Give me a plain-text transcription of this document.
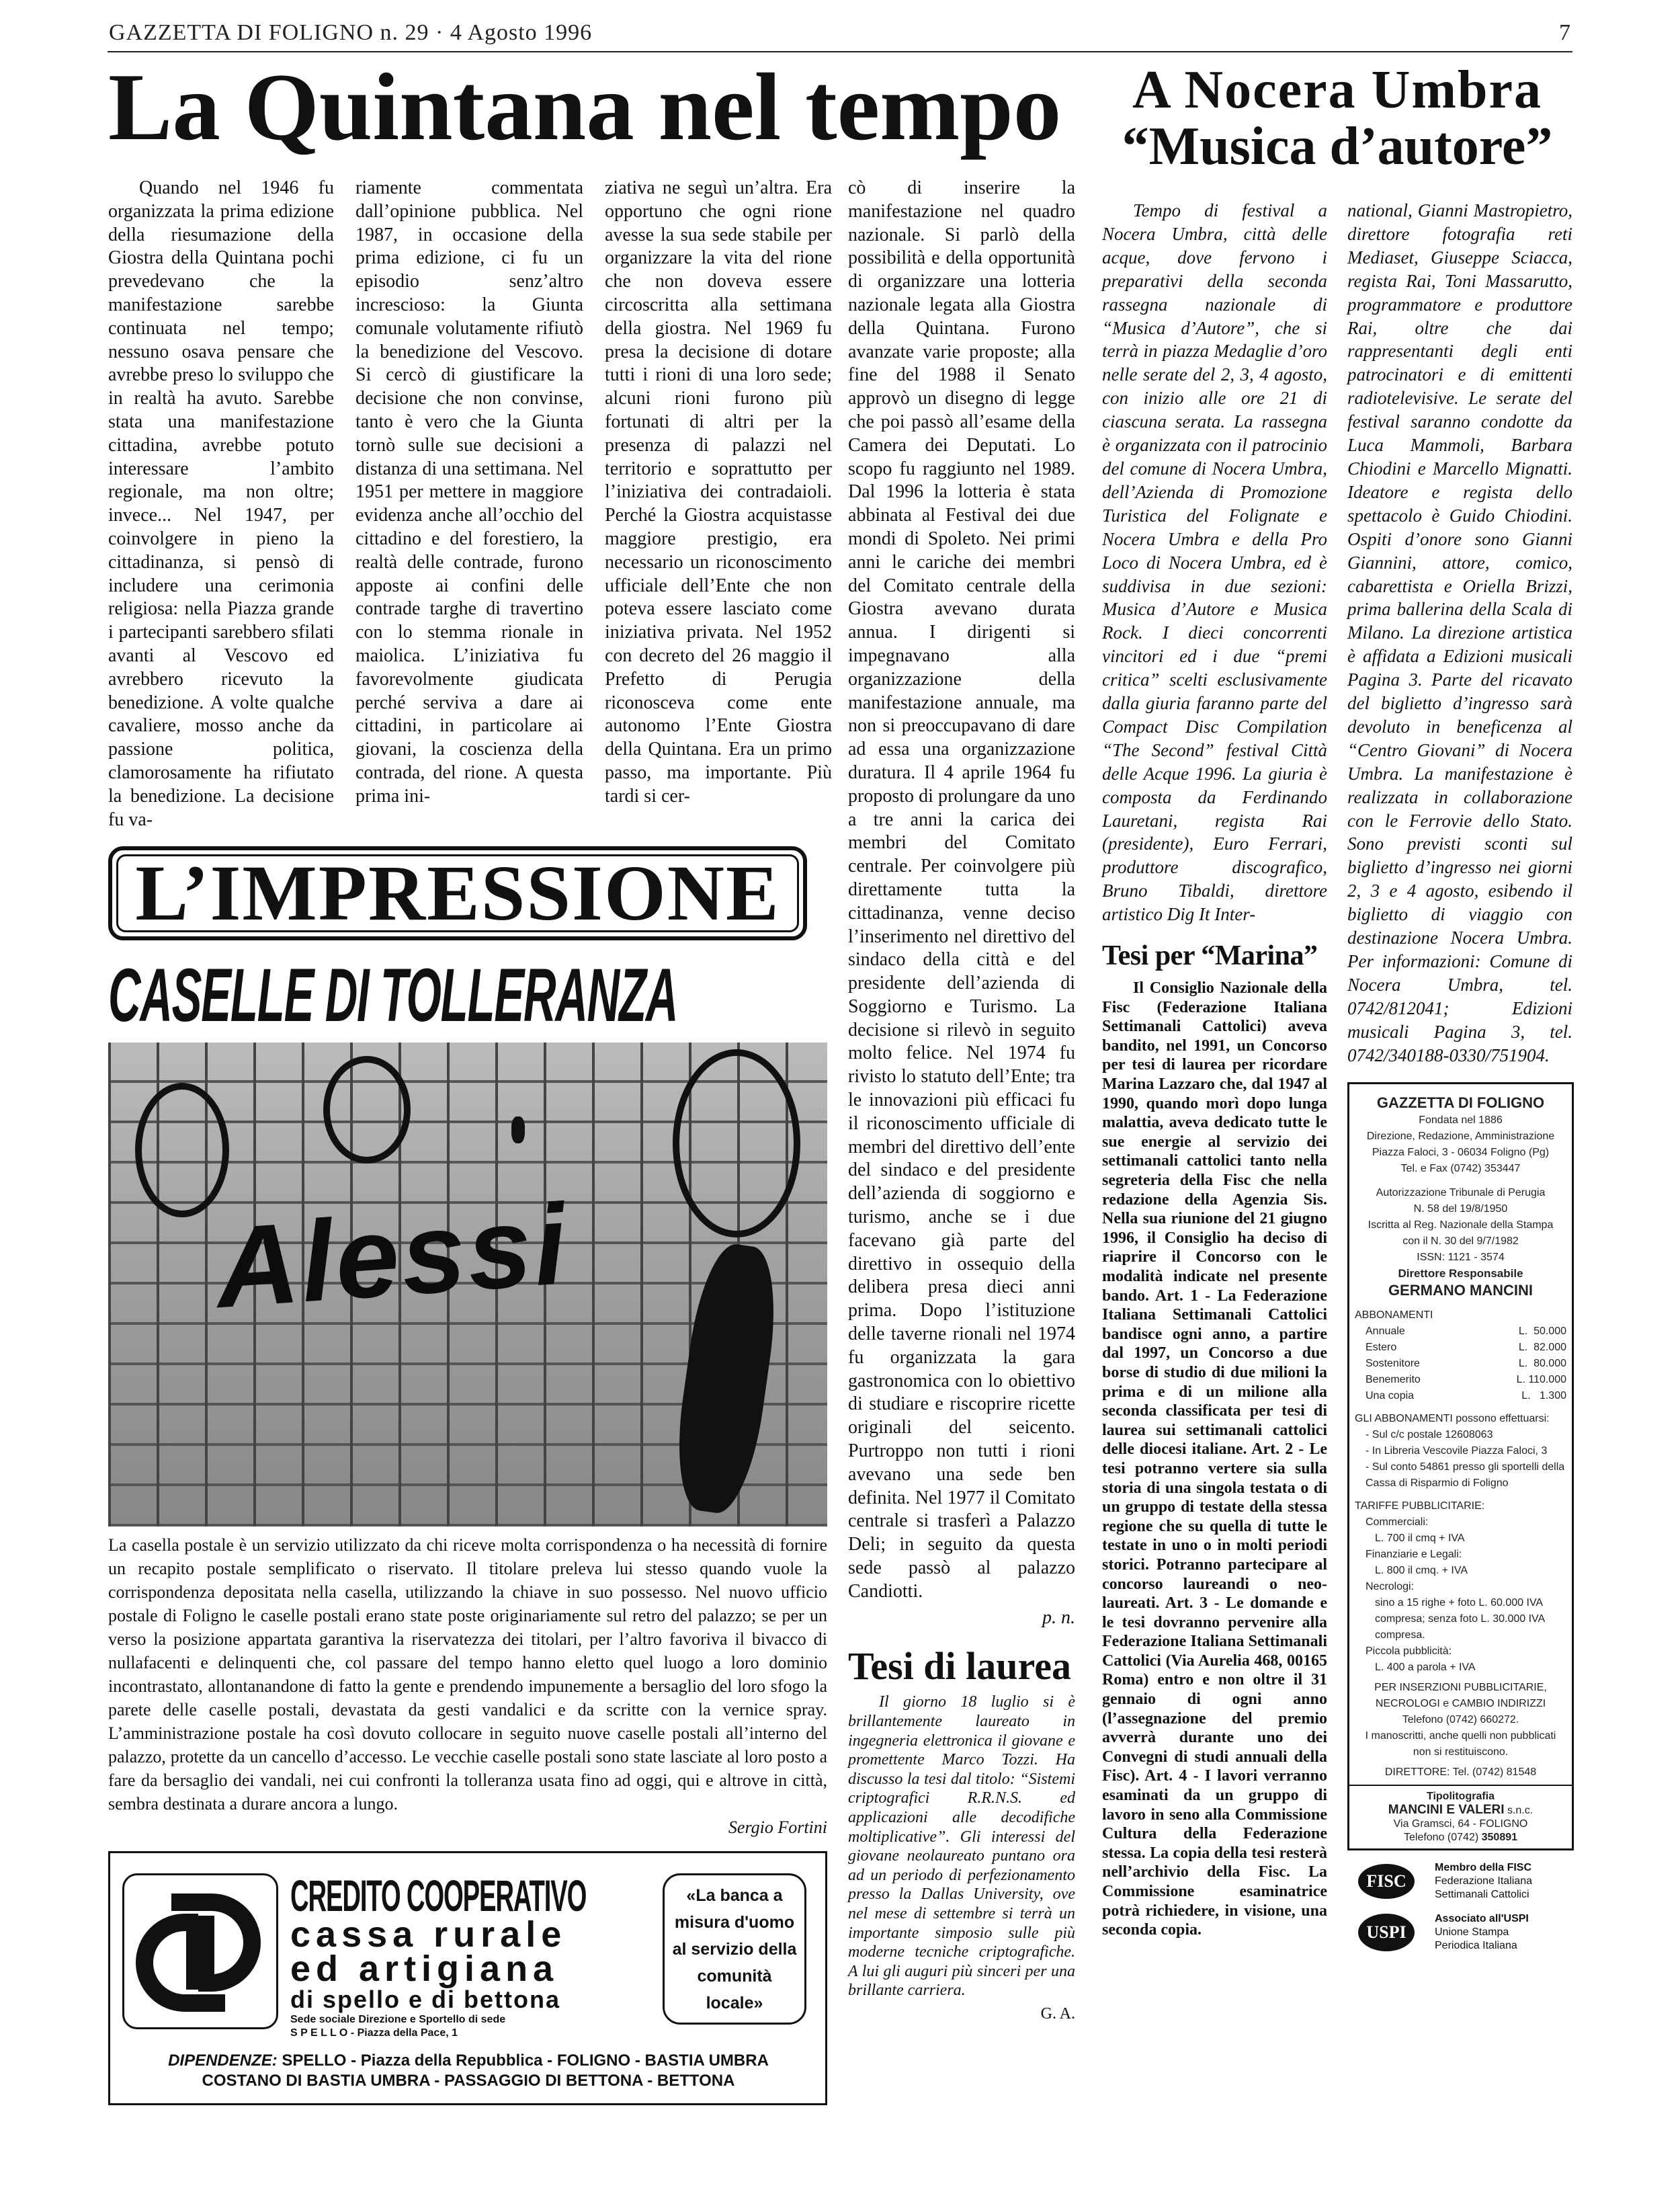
GAZZETTA DI FOLIGNO n. 29 · 4 Agosto 1996	7
La Quintana nel tempo

Quando nel 1946 fu organizzata la prima edizione della riesumazione della Giostra della Quintana pochi prevedevano che la manifestazione sarebbe continuata nel tempo; nessuno osava pensare che avrebbe preso lo sviluppo che in realtà ha avuto. Sarebbe stata una manifestazione cittadina, avrebbe potuto interessare l’ambito regionale, ma non oltre; invece... Nel 1947, per coinvolgere in pieno la cittadinanza, si pensò di includere una cerimonia religiosa: nella Piazza grande i partecipanti sarebbero sfilati avanti al Vescovo ed avrebbero ricevuto la benedizione. A volte qualche cavaliere, mosso anche da passione politica, clamorosamente ha rifiutato la benedizione. La decisione fu va-

riamente commentata dall’opinione pubblica. Nel 1987, in occasione della prima edizione, ci fu un episodio senz’altro increscioso: la Giunta comunale volutamente rifiutò la benedizione del Vescovo. Si cercò di giustificare la decisione che non convinse, tanto è vero che la Giunta tornò sulle sue decisioni a distanza di una settimana. Nel 1951 per mettere in maggiore evidenza anche all’occhio del cittadino e del forestiero, la realtà delle contrade, furono apposte ai confini delle contrade targhe di travertino con lo stemma rionale in maiolica. L’iniziativa fu favorevolmente giudicata perché serviva a dare ai cittadini, in particolare ai giovani, la coscienza della contrada, del rione. A questa prima ini-

ziativa ne seguì un’altra. Era opportuno che ogni rione avesse la sua sede stabile per organizzare la vita del rione che non doveva essere circoscritta alla settimana della giostra. Nel 1969 fu presa la decisione di dotare tutti i rioni di una loro sede; alcuni rioni furono più fortunati di altri per la presenza di palazzi nel territorio e soprattutto per l’iniziativa dei contradaioli. Perché la Giostra acquistasse maggiore prestigio, era necessario un riconoscimento ufficiale dell’Ente che non poteva essere lasciato come iniziativa privata. Nel 1952 con decreto del 26 maggio il Prefetto di Perugia riconosceva come ente autonomo l’Ente Giostra della Quintana. Era un primo passo, ma importante. Più tardi si cer-

L’IMPRESSIONE
CASELLE DI TOLLERANZA
Alessi

La casella postale è un servizio utilizzato da chi riceve molta corrispondenza o ha necessità di fornire un recapito postale semplificato o riservato. Il titolare preleva lui stesso quando vuole la corrispondenza depositata nella casella, utilizzando la chiave in suo possesso. Nel nuovo ufficio postale di Foligno le caselle postali erano state poste originariamente sul retro del palazzo; se per un verso la posizione appartata garantiva la riservatezza dei titolari, per l’altro favoriva il bivacco di nullafacenti e delinquenti che, col passare del tempo hanno eletto quel luogo a loro dominio incontrastato, allontanandone di fatto la gente e prendendo impunemente a bersaglio del loro sfogo la parete delle caselle postali, devastata da gesti vandalici e da scritte con la vernice spray. L’amministrazione postale ha così dovuto collocare in seguito nuove caselle postali all’interno del palazzo, protette da un cancello d’accesso. Le vecchie caselle postali sono state lasciate al loro posto a fare da bersaglio dei vandali, nei cui confronti la tolleranza usata fino ad oggi, qui e altrove in città, sembra destinata a durare ancora a lungo.

Sergio Fortini
CREDITO COOPERATIVO
cassa rurale
ed artigiana
di spello e di bettona
Sede sociale Direzione e Sportello di sede
S P E L L O - Piazza della Pace, 1
«La banca a misura d'uomo al servizio della comunità locale»
DIPENDENZE: SPELLO - Piazza della Repubblica - FOLIGNO - BASTIA UMBRA
COSTANO DI BASTIA UMBRA - PASSAGGIO DI BETTONA - BETTONA

cò di inserire la manifestazione nel quadro nazionale. Si parlò della possibilità e della opportunità di organizzare una lotteria nazionale legata alla Giostra della Quintana. Furono avanzate varie proposte; alla fine del 1988 il Senato approvò un disegno di legge che poi passò all’esame della Camera dei Deputati. Lo scopo fu raggiunto nel 1989. Dal 1996 la lotteria è stata abbinata al Festival dei due mondi di Spoleto. Nei primi anni le cariche dei membri del Comitato centrale della Giostra avevano durata annua. I dirigenti si impegnavano alla organizzazione della manifestazione annuale, ma non si preoccupavano di dare ad essa una organizzazione duratura. Il 4 aprile 1964 fu proposto di prolungare da uno a tre anni la carica dei membri del Comitato centrale. Per coinvolgere più direttamente tutta la cittadinanza, venne deciso l’inserimento nel direttivo del sindaco della città e del presidente dell’azienda di Soggiorno e Turismo. La decisione si rilevò in seguito molto felice. Nel 1974 fu rivisto lo statuto dell’Ente; tra le innovazioni più efficaci fu il riconoscimento ufficiale di membri del direttivo dell’ente del sindaco e del presidente dell’azienda di soggiorno e turismo, anche se i due facevano già parte del direttivo in ossequio della delibera presa dieci anni prima. Dopo l’istituzione delle taverne rionali nel 1974 fu organizzata la gara gastronomica con lo obiettivo di studiare e riscoprire ricette originali del seicento. Purtroppo non tutti i rioni avevano una sede ben definita. Nel 1977 il Comitato centrale si trasferì a Palazzo Deli; in seguito da questa sede passò al palazzo Candiotti.

p. n.
Tesi di laurea

Il giorno 18 luglio si è brillantemente laureato in ingegneria elettronica il giovane e promettente Marco Tozzi. Ha discusso la tesi dal titolo: “Sistemi criptografici R.R.N.S. ed applicazioni alle decodifiche moltiplicative”. Gli interessi del giovane neolaureato puntano ora ad un periodo di perfezionamento presso la Dallas University, ove nel mese di settembre si terrà un importante simposio sulle più moderne tecniche criptografiche. A lui gli auguri più sinceri per una brillante carriera.

G. A.
A Nocera Umbra
“Musica d’autore”

Tempo di festival a Nocera Umbra, città delle acque, dove fervono i preparativi della seconda rassegna nazionale di “Musica d’Autore”, che si terrà in piazza Medaglie d’oro nelle serate del 2, 3, 4 agosto, con inizio alle ore 21 di ciascuna serata. La rassegna è organizzata con il patrocinio del comune di Nocera Umbra, dell’Azienda di Promozione Turistica del Folignate e Nocera Umbra e della Pro Loco di Nocera Umbra, ed è suddivisa in due sezioni: Musica d’Autore e Musica Rock. I dieci concorrenti vincitori ed i due “premi critica” scelti esclusivamente dalla giuria faranno parte del Compact Disc Compilation “The Second” festival Città delle Acque 1996. La giuria è composta da Ferdinando Lauretani, regista Rai (presidente), Euro Ferrari, produttore discografico, Bruno Tibaldi, direttore artistico Dig It Inter-

Tesi per “Marina”

Il Consiglio Nazionale della Fisc (Federazione Italiana Settimanali Cattolici) aveva bandito, nel 1991, un Concorso per tesi di laurea per ricordare Marina Lazzaro che, dal 1947 al 1990, quando morì dopo lunga malattia, aveva dedicato tutte le sue energie al servizio dei settimanali cattolici tanto nella segreteria della Fisc che nella redazione della Agenzia Sis. Nella sua riunione del 21 giugno 1996, il Consiglio ha deciso di riaprire il Concorso con le modalità indicate nel presente bando. Art. 1 - La Federazione Italiana Settimanali Cattolici bandisce ogni anno, a partire dal 1997, un Concorso a due borse di studio di due milioni la prima e di un milione alla seconda classificata per tesi di laurea sui settimanali cattolici delle diocesi italiane. Art. 2 - Le tesi potranno vertere sia sulla storia di una singola testata o di un gruppo di testate della stessa regione che su quella di tutte le testate in uno o in molti periodi storici. Potranno partecipare al concorso laureandi o neo-laureati. Art. 3 - Le domande e le tesi dovranno pervenire alla Federazione Italiana Settimanali Cattolici (Via Aurelia 468, 00165 Roma) entro e non oltre il 31 gennaio di ogni anno (l’assegnazione del premio avverrà durante uno dei Convegni di studi annuali della Fisc). Art. 4 - I lavori verranno esaminati da un gruppo di lavoro in seno alla Commissione Cultura della Federazione stessa. La copia della tesi resterà nell’archivio della Fisc. La Commissione esaminatrice potrà richiedere, in visione, una seconda copia.

national, Gianni Mastropietro, direttore fotografia reti Mediaset, Giuseppe Sciacca, regista Rai, Toni Massarutto, programmatore e produttore Rai, oltre che dai rappresentanti degli enti patrocinatori e di emittenti radiotelevisive. Le serate del festival saranno condotte da Luca Mammoli, Barbara Chiodini e Marcello Mignatti. Ideatore e regista dello spettacolo è Guido Chiodini. Ospiti d’onore sono Gianni Giannini, attore, comico, cabarettista e Oriella Brizzi, prima ballerina della Scala di Milano. La direzione artistica è affidata a Edizioni musicali Pagina 3. Parte del ricavato del biglietto d’ingresso sarà devoluto in beneficenza al “Centro Giovani” di Nocera Umbra. La manifestazione è realizzata in collaborazione con le Ferrovie dello Stato. Sono previsti sconti sul biglietto d’ingresso nei giorni 2, 3 e 4 agosto, esibendo il biglietto di viaggio con destinazione Nocera Umbra. Per informazioni: Comune di Nocera Umbra, tel. 0742/812041; Edizioni musicali Pagina 3, tel. 0742/340188-0330/751904.

GAZZETTA DI FOLIGNO
Fondata nel 1886
Direzione, Redazione, Amministrazione
Piazza Faloci, 3 - 06034 Foligno (Pg)
Tel. e Fax (0742) 353447
Autorizzazione Tribunale di Perugia
N. 58 del 19/8/1950
Iscritta al Reg. Nazionale della Stampa
con il N. 30 del 9/7/1982
ISSN: 1121 - 3574
Direttore Responsabile
GERMANO MANCINI
ABBONAMENTI
Annuale	L.  50.000
Estero	L.  82.000
Sostenitore	L.  80.000
Benemerito	L. 110.000
Una copia	L.   1.300
GLI ABBONAMENTI possono effettuarsi:
- Sul c/c postale 12608063
- In Libreria Vescovile Piazza Faloci, 3
- Sul conto 54861 presso gli sportelli della Cassa di Risparmio di Foligno
TARIFFE PUBBLICITARIE:
Commerciali:
L. 700 il cmq + IVA
Finanziarie e Legali:
L. 800 il cmq. + IVA
Necrologi:
sino a 15 righe + foto L. 60.000 IVA compresa; senza foto L. 30.000 IVA compresa.
Piccola pubblicità:
L. 400 a parola + IVA
PER INSERZIONI PUBBLICITARIE,
NECROLOGI e CAMBIO INDIRIZZI
Telefono (0742) 660272.
I manoscritti, anche quelli non pubblicati
non si restituiscono.
DIRETTORE: Tel. (0742) 81548
Tipolitografia
MANCINI E VALERI s.n.c.
Via Gramsci, 64 - FOLIGNO
Telefono (0742) 350891
FISC
Membro della FISC
Federazione Italiana
Settimanali Cattolici
USPI
Associato all'USPI
Unione Stampa
Periodica Italiana
